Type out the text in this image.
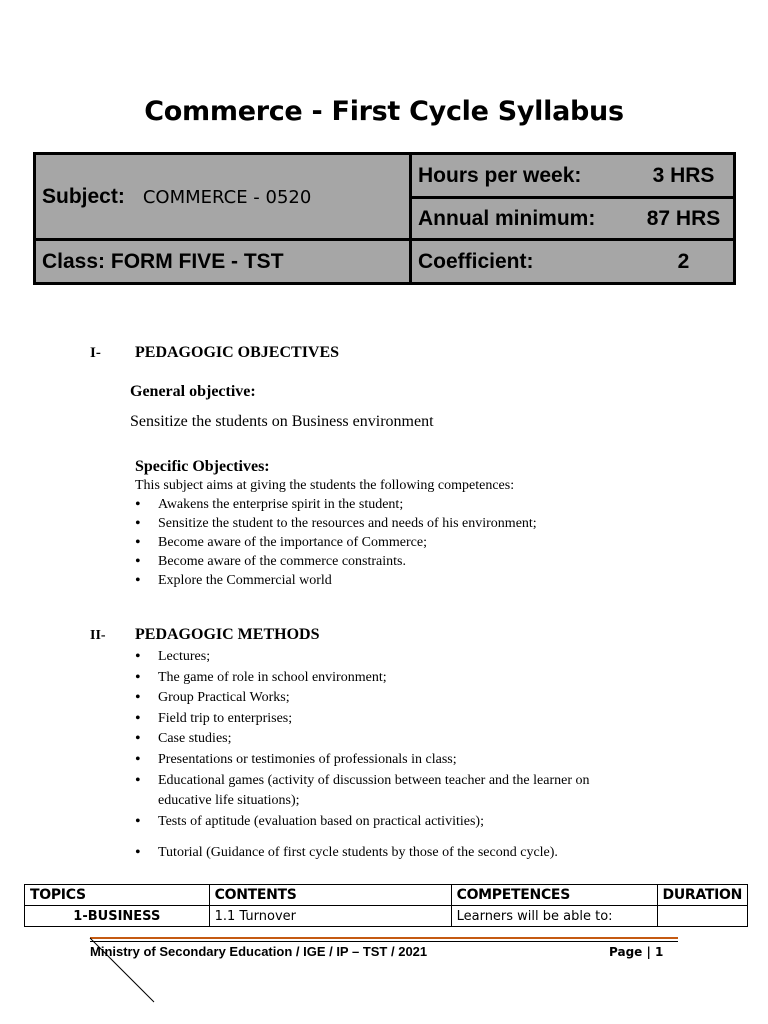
Commerce - First Cycle Syllabus
Subject: COMMERCE - 0520	Hours per week: 3 HRS

	Annual minimum: 87 HRS

Class: FORM FIVE - TST	Coefficient: 2
I- PEDAGOGIC OBJECTIVES
General objective:
Sensitize the students on Business environment
Specific Objectives:
This subject aims at giving the students the following competences:
• Awakens the enterprise spirit in the student;
• Sensitize the student to the resources and needs of his environment;
• Become aware of the importance of Commerce;
• Become aware of the commerce constraints.
• Explore the Commercial world
II- PEDAGOGIC METHODS
• Lectures;
• The game of role in school environment;
• Group Practical Works;
• Field trip to enterprises;
• Case studies;
• Presentations or testimonies of professionals in class;
• Educational games (activity of discussion between teacher and the learner on educative life situations);
• Tests of aptitude (evaluation based on practical activities);
• Tutorial (Guidance of first cycle students by those of the second cycle).
TOPICS	CONTENTS	COMPETENCES	DURATION
1-BUSINESS	1.1 Turnover	Learners will be able to:	
Ministry of Secondary Education / IGE / IP – TST / 2021	Page | 1
